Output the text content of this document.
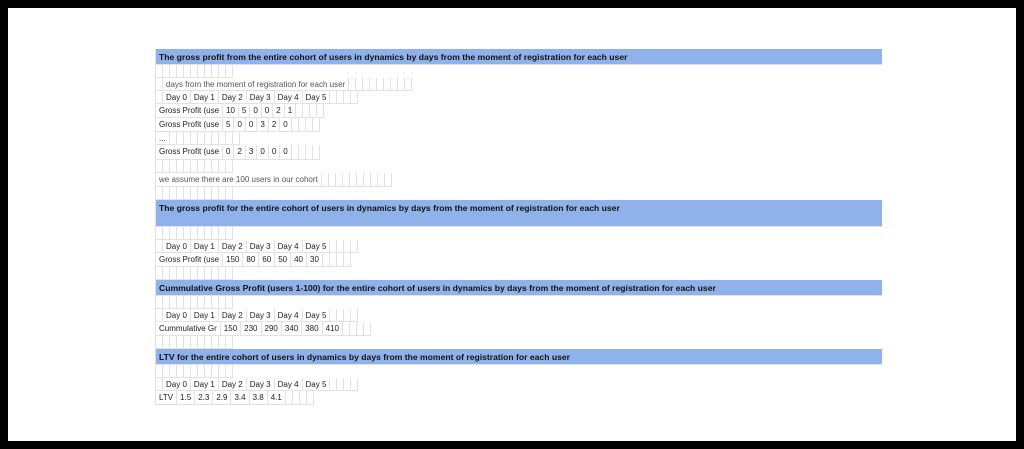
The gross profit from the entire cohort of users in dynamics by days from the moment of registration for each user
days from the moment of registration for each user
Day 0 Day 1 Day 2 Day 3 Day 4 Day 5
Gross Profit (use 10 5 0 0 2 1
Gross Profit (use 5 0 0 3 2 0
...
Gross Profit (use 0 2 3 0 0 0
we assume there are 100 users in our cohort
The gross profit for the entire cohort of users in dynamics by days from the moment of registration for each user
Day 0 Day 1 Day 2 Day 3 Day 4 Day 5
Gross Profit (use 150 80 60 50 40 30
Cummulative Gross Profit (users 1-100) for the entire cohort of users in dynamics by days from the moment of registration for each user
Day 0 Day 1 Day 2 Day 3 Day 4 Day 5
Cummulative Gr 150 230 290 340 380 410
LTV for the entire cohort of users in dynamics by days from the moment of registration for each user
Day 0 Day 1 Day 2 Day 3 Day 4 Day 5
LTV 1.5 2.3 2.9 3.4 3.8 4.1
